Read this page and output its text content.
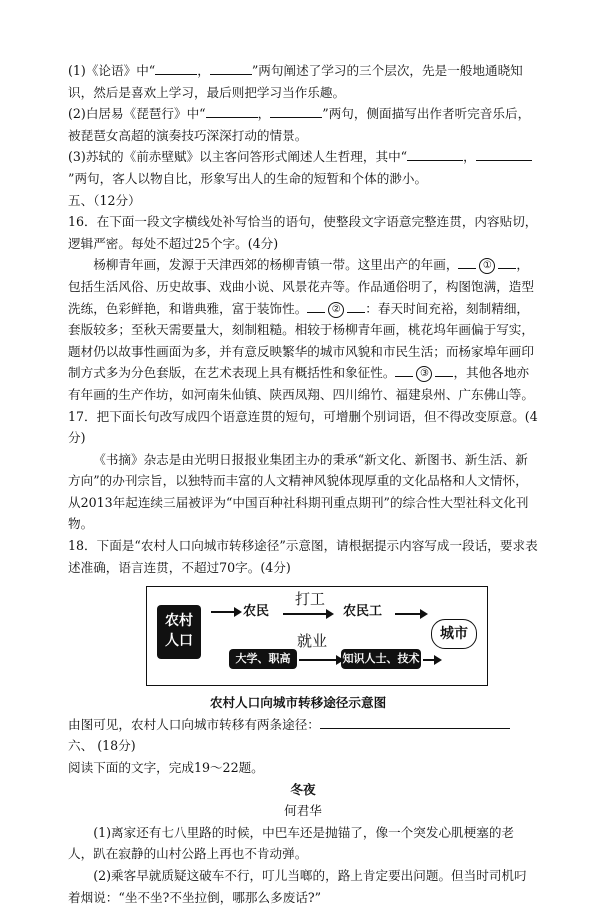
(1)《论语》中“	，	”两句阐述了学习的三个层次，先是一般地通晓知识，然后是喜欢上学习，最后则把学习当作乐趣。

(2)白居易《琵琶行》中“	，	”两句，侧面描写出作者听完音乐后，被琵琶女高超的演奏技巧深深打动的情景。

(3)苏轼的《前赤壁赋》以主客问答形式阐述人生哲理，其中“	，”两句，客人以物自比，形象写出人的生命的短暂和个体的渺小。

五、（12分）

16．在下面一段文字横线处补写恰当的语句，使整段文字语意完整连贯，内容贴切，逻辑严密。每处不超过25个字。(4分)

杨柳青年画，发源于天津西郊的杨柳青镇一带。这里出产的年画， ① ，包括生活风俗、历史故事、戏曲小说、风景花卉等。作品通俗明了，构图饱满，造型洗练，色彩鲜艳，和谐典雅，富于装饰性。 ② ：春天时间充裕，刻制精细，套版较多；至秋天需要量大，刻制粗糙。相较于杨柳青年画，桃花坞年画偏于写实，题材仍以故事性画面为多，并有意反映繁华的城市风貌和市民生活；而杨家埠年画印制方式多为分色套版，在艺术表现上具有概括性和象征性。 ③ ，其他各地亦有年画的生产作坊，如河南朱仙镇、陕西凤翔、四川绵竹、福建泉州、广东佛山等。

17．把下面长句改写成四个语意连贯的短句，可增删个别词语，但不得改变原意。(4分)

《书摘》杂志是由光明日报报业集团主办的秉承“新文化、新图书、新生活、新方向”的办刊宗旨，以独特而丰富的人文精神风貌体现厚重的文化品格和人文情怀，从2013年起连续三届被评为“中国百种社科期刊重点期刊”的综合性大型社科文化刊物。

18．下面是“农村人口向城市转移途径”示意图，请根据提示内容写成一段话，要求表述准确，语言连贯，不超过70字。(4分)

农村
人口
农民
打工
农民工
大学、职高
就业
知识人士、技术
城市

农村人口向城市转移途径示意图

由图可见，农村人口向城市转移有两条途径：

六、 (18分)

阅读下面的文字，完成19～22题。

冬夜

何君华

(1)离家还有七八里路的时候，中巴车还是抛锚了，像一个突发心肌梗塞的老人，趴在寂静的山村公路上再也不肯动弹。

(2)乘客早就质疑这破车不行，叮儿当啷的，路上肯定要出问题。但当时司机叼着烟说：“坐不坐?不坐拉倒，哪那么多废话?”
